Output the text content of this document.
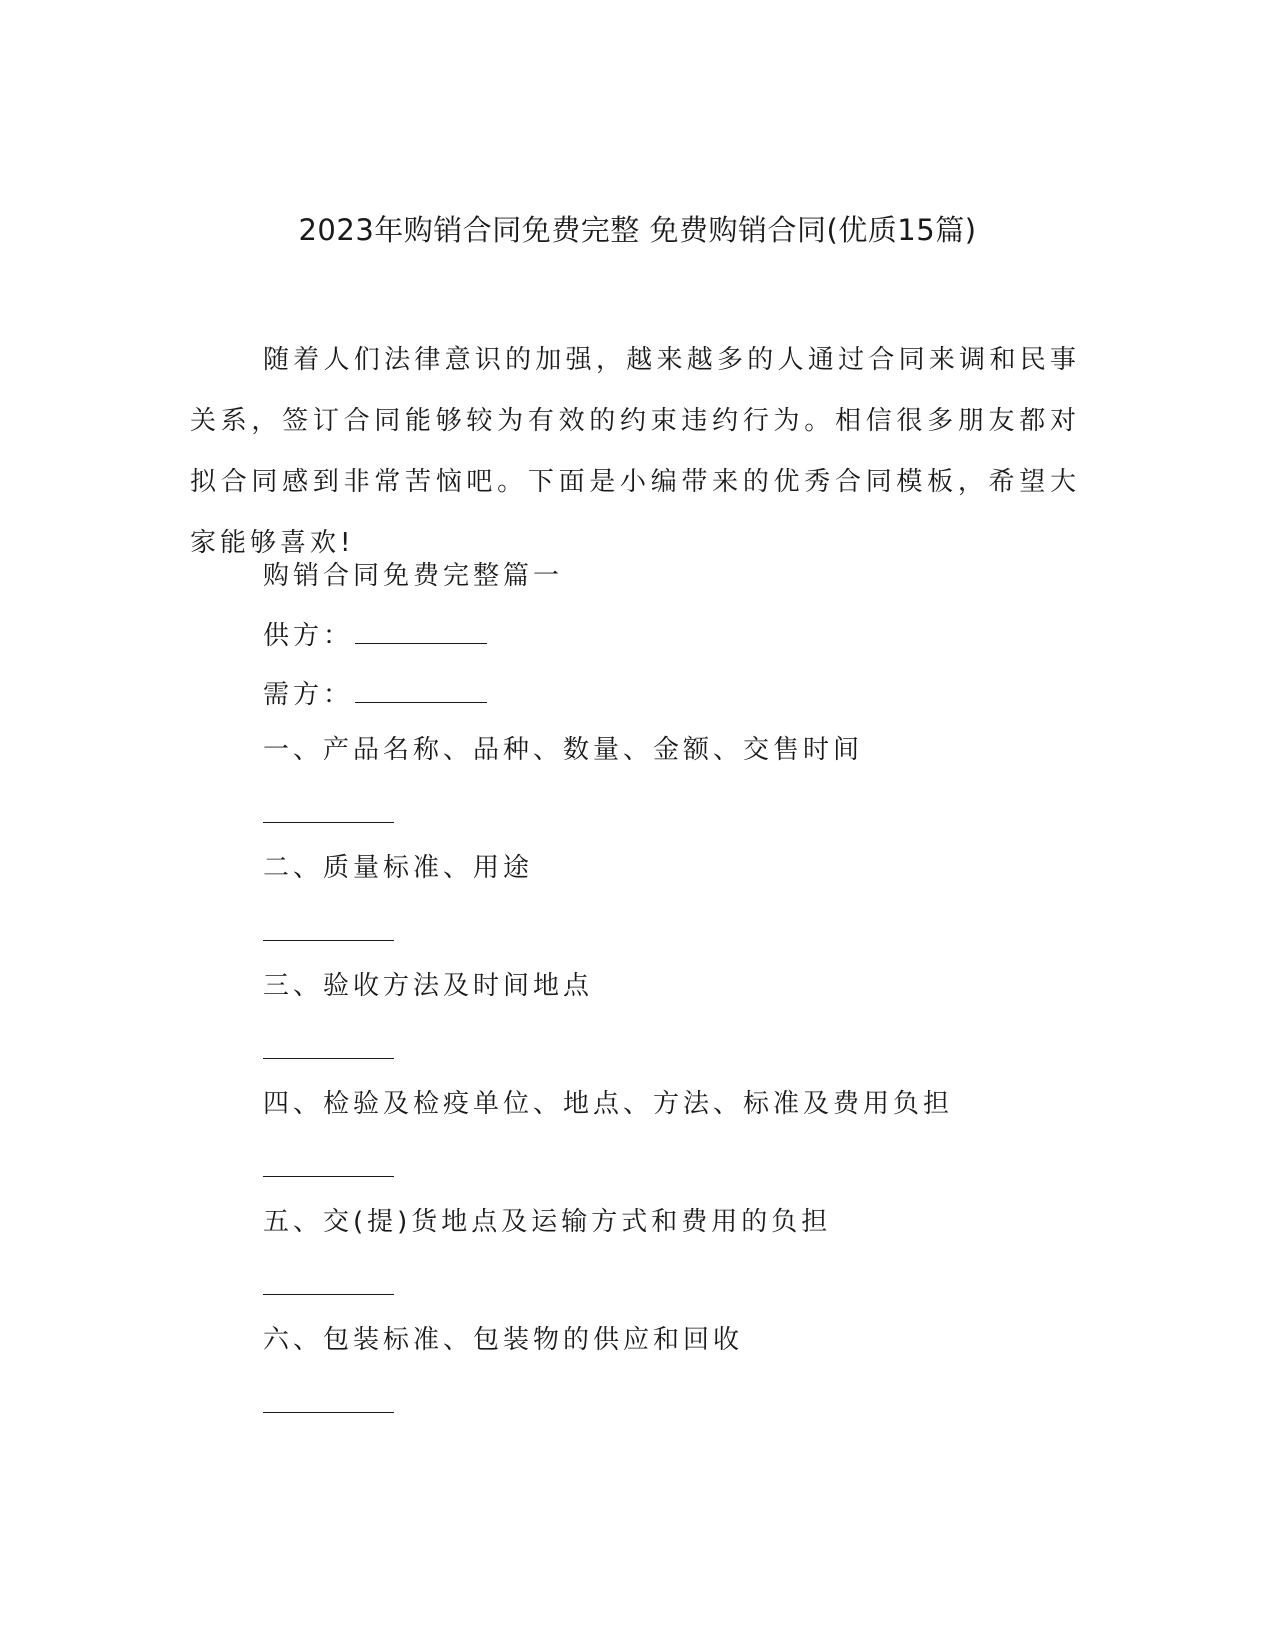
2023年购销合同免费完整 免费购销合同(优质15篇)

随着人们法律意识的加强，越来越多的人通过合同来调和民事关系，签订合同能够较为有效的约束违约行为。相信很多朋友都对拟合同感到非常苦恼吧。下面是小编带来的优秀合同模板，希望大家能够喜欢!

购销合同免费完整篇一

供方：

需方：

一、产品名称、品种、数量、金额、交售时间

二、质量标准、用途

三、验收方法及时间地点

四、检验及检疫单位、地点、方法、标准及费用负担

五、交(提)货地点及运输方式和费用的负担

六、包装标准、包装物的供应和回收
